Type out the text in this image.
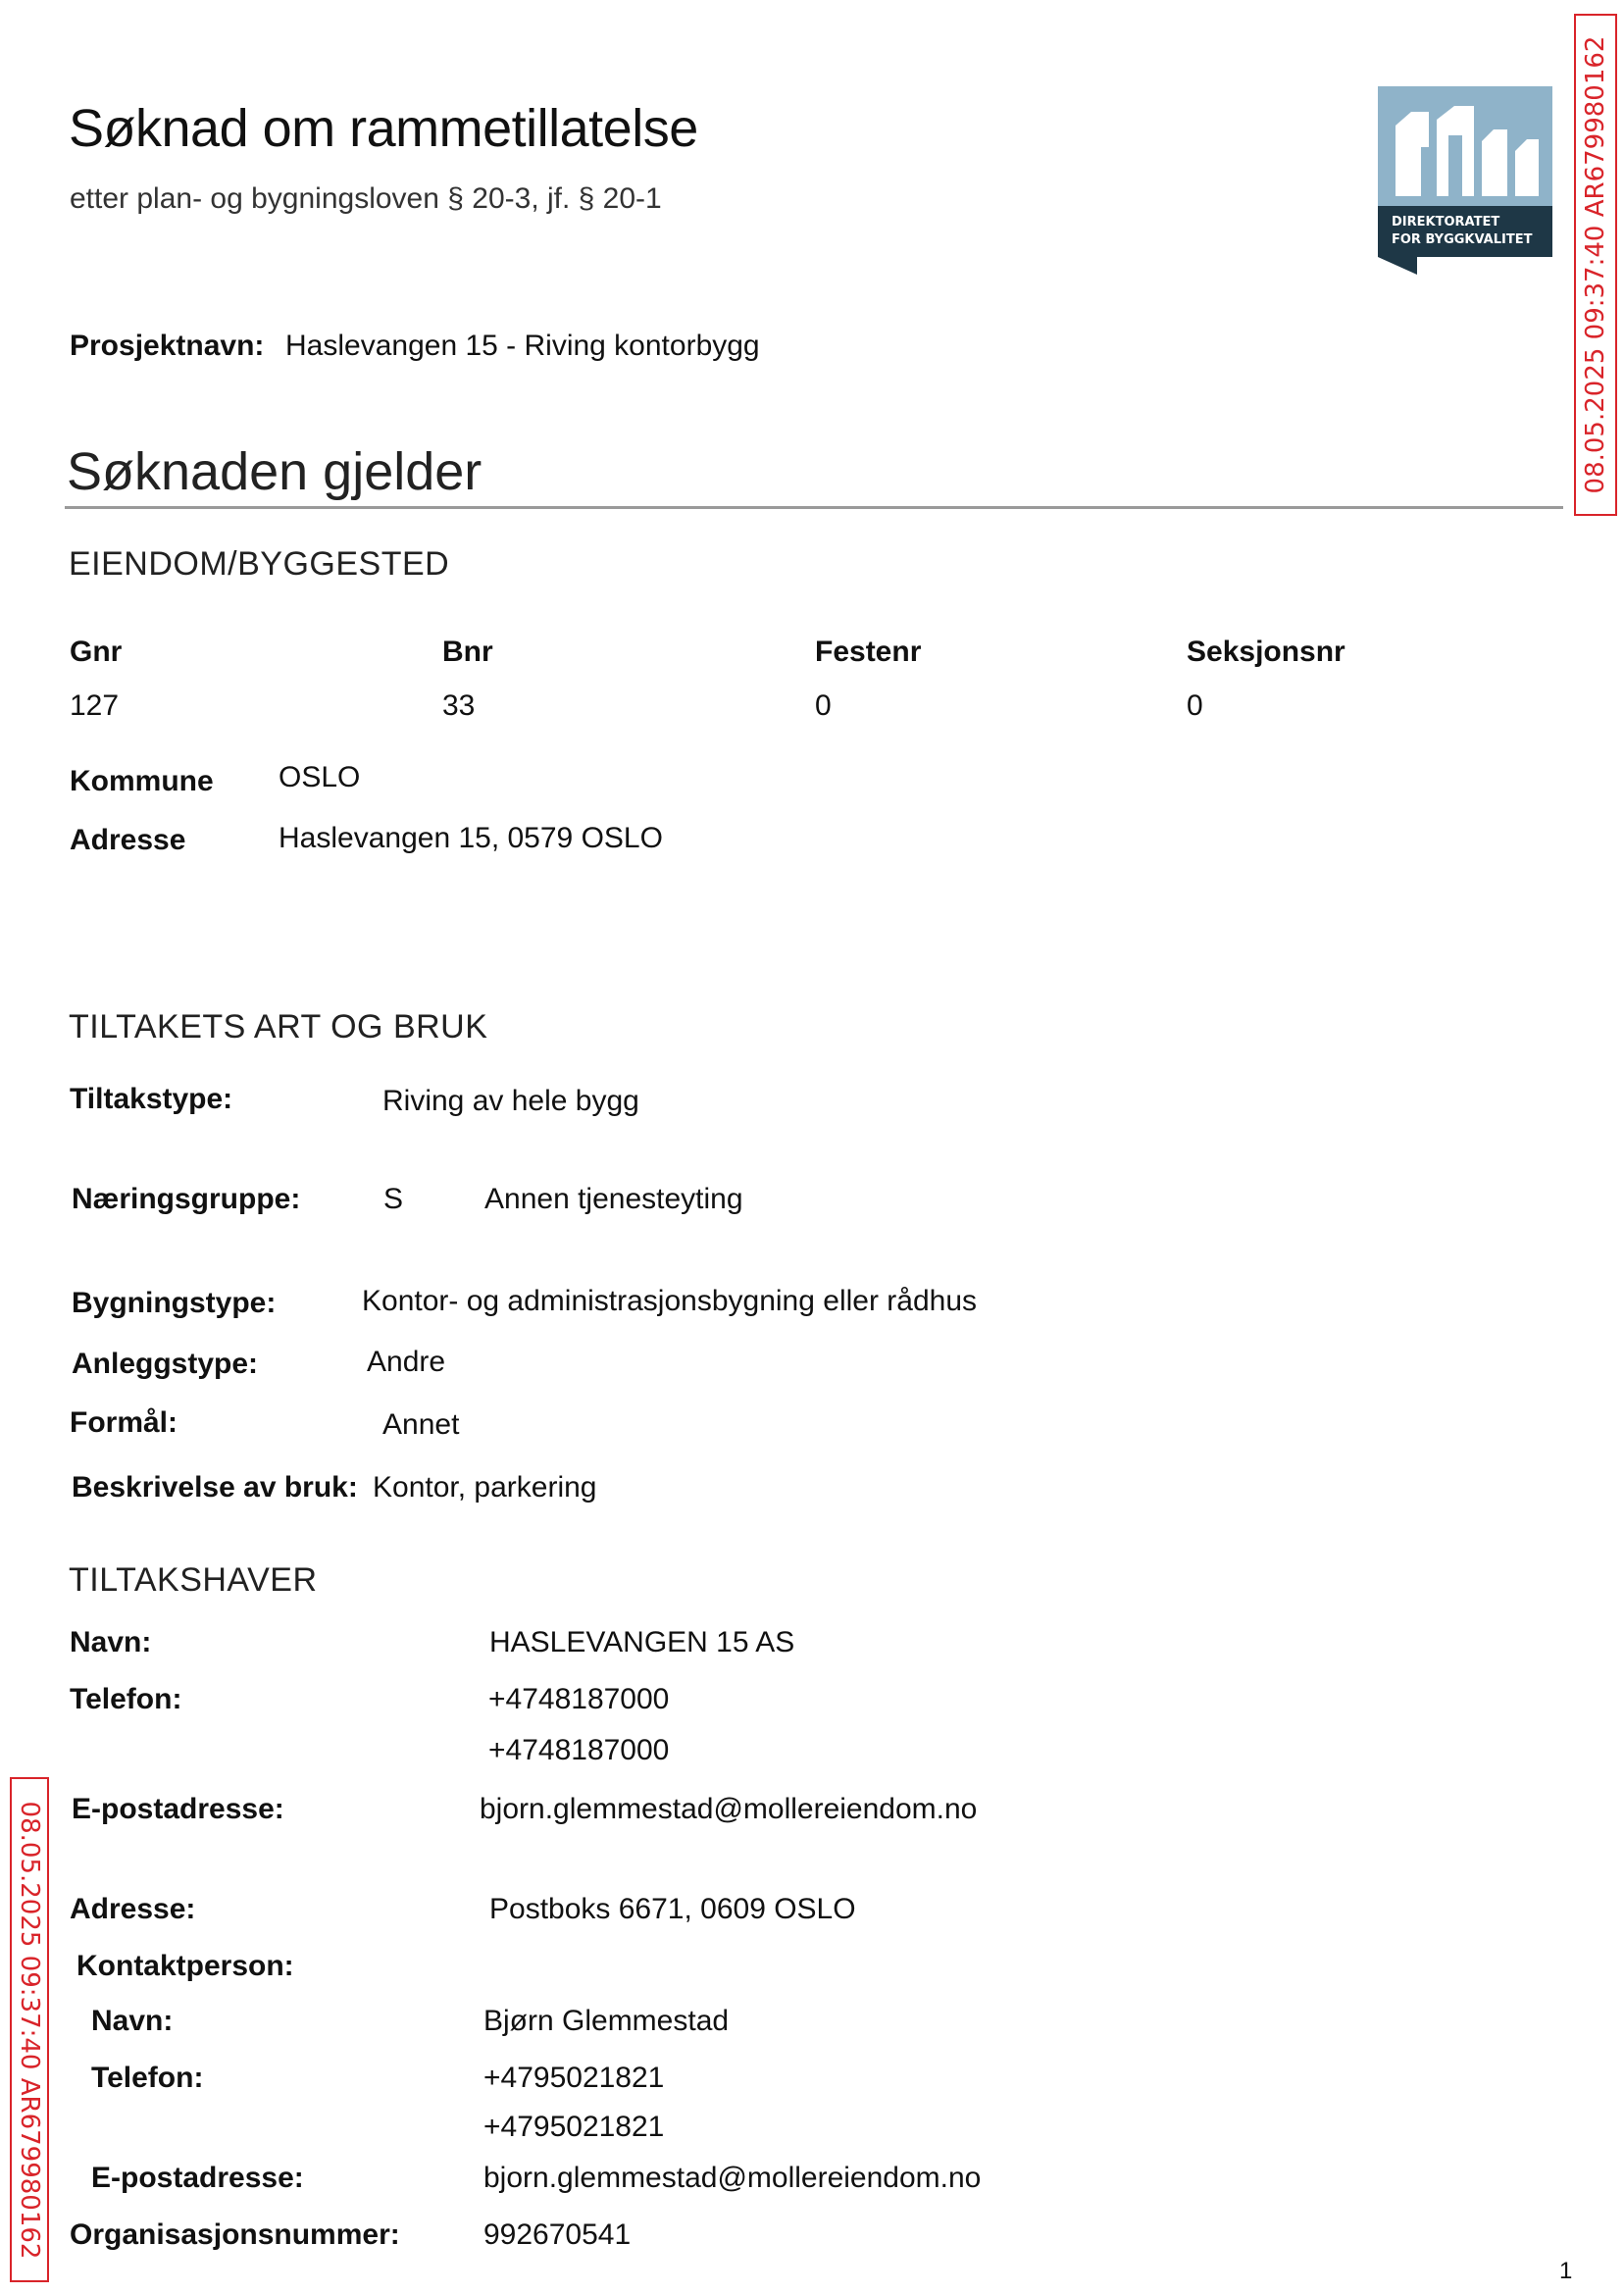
Søknad om rammetillatelse
etter plan- og bygningsloven § 20-3, jf. § 20-1
Prosjektnavn: Haslevangen 15 - Riving kontorbygg
DIREKTORATET
FOR BYGGKVALITET 08.05.2025 09:37:40 AR679980162
Søknaden gjelder
EIENDOM/BYGGESTED
Gnr	Bnr	Festenr	Seksjonsnr
127	33	0	0
Kommune OSLO
Adresse	Haslevangen 15, 0579 OSLO
TILTAKETS ART OG BRUK
Tiltakstype:	Riving av hele bygg
Næringsgruppe:	S	Annen tjenesteyting
Bygningstype:	Kontor- og administrasjonsbygning eller rådhus
Anleggstype:	Andre
Formål:	Annet
Beskrivelse av bruk: Kontor, parkering
TILTAKSHAVER
Navn:	HASLEVANGEN 15 AS
Telefon:	+4748187000
+4748187000
E-postadresse:	bjorn.glemmestad@mollereiendom.no
Adresse:	Postboks 6671, 0609 OSLO
Kontaktperson:
Navn:	Bjørn Glemmestad
Telefon:	+4795021821
+4795021821
E-postadresse:	bjorn.glemmestad@mollereiendom.no
Organisasjonsnummer:	992670541
08.05.2025 09:37:40 AR679980162
1
